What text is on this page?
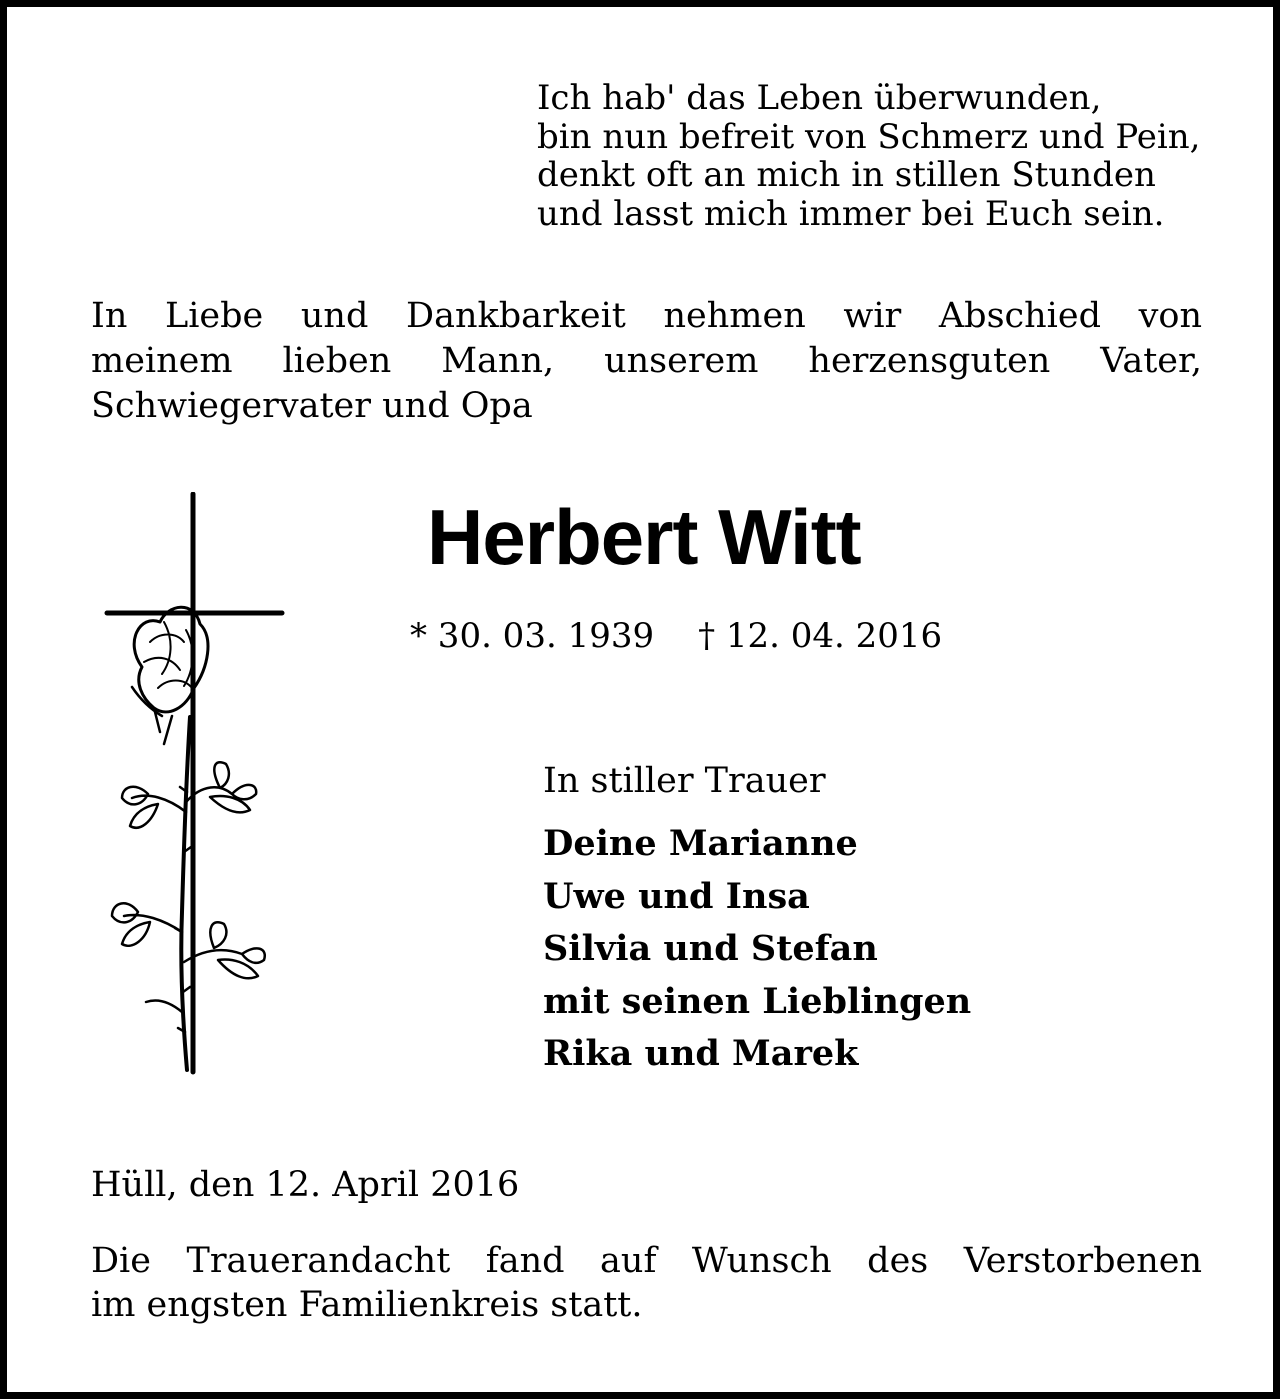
Ich hab' das Leben überwunden,
bin nun befreit von Schmerz und Pein,
denkt oft an mich in stillen Stunden
und lasst mich immer bei Euch sein.
In Liebe und Dankbarkeit nehmen wir Abschied von
meinem lieben Mann, unserem herzensguten Vater,
Schwiegervater und Opa
Herbert Witt
* 30. 03. 1939 † 12. 04. 2016
In stiller Trauer
Deine Marianne
Uwe und Insa
Silvia und Stefan
mit seinen Lieblingen
Rika und Marek
Hüll, den 12. April 2016
Die Trauerandacht fand auf Wunsch des Verstorbenen
im engsten Familienkreis statt.
